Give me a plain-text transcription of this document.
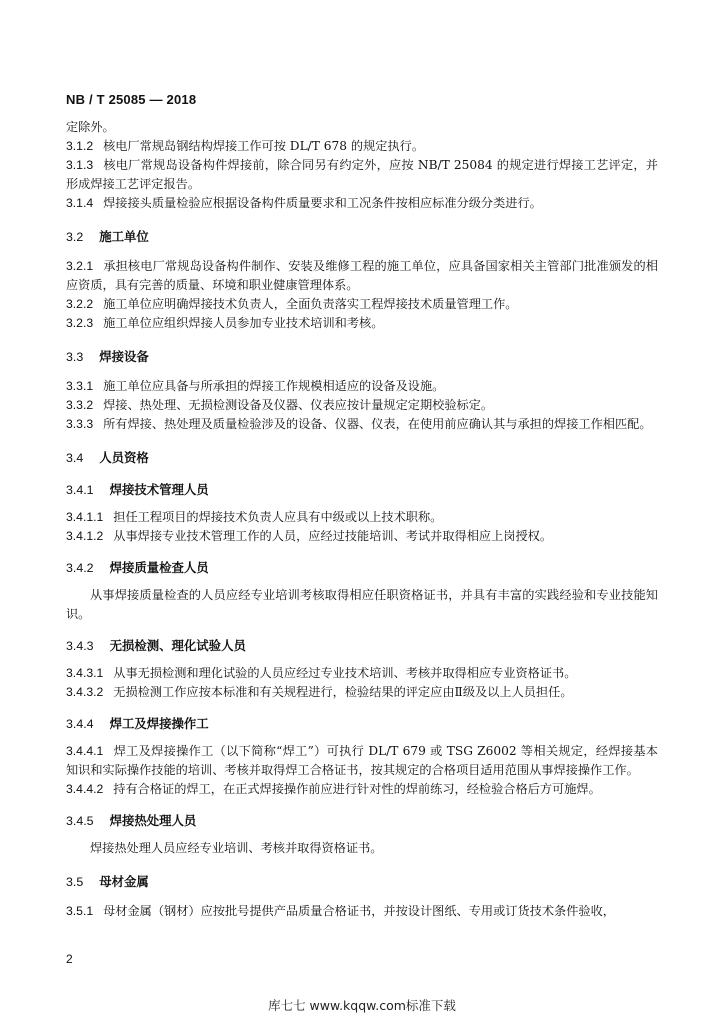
NB / T 25085 — 2018
定除外。
3.1.2 核电厂常规岛钢结构焊接工作可按 DL/T 678 的规定执行。
3.1.3 核电厂常规岛设备构件焊接前，除合同另有约定外，应按 NB/T 25084 的规定进行焊接工艺评定，并形成焊接工艺评定报告。
3.1.4 焊接接头质量检验应根据设备构件质量要求和工况条件按相应标准分级分类进行。
3.2 施工单位
3.2.1 承担核电厂常规岛设备构件制作、安装及维修工程的施工单位，应具备国家相关主管部门批准颁发的相应资质，具有完善的质量、环境和职业健康管理体系。
3.2.2 施工单位应明确焊接技术负责人，全面负责落实工程焊接技术质量管理工作。
3.2.3 施工单位应组织焊接人员参加专业技术培训和考核。
3.3 焊接设备
3.3.1 施工单位应具备与所承担的焊接工作规模相适应的设备及设施。
3.3.2 焊接、热处理、无损检测设备及仪器、仪表应按计量规定定期校验标定。
3.3.3 所有焊接、热处理及质量检验涉及的设备、仪器、仪表，在使用前应确认其与承担的焊接工作相匹配。
3.4 人员资格
3.4.1 焊接技术管理人员
3.4.1.1 担任工程项目的焊接技术负责人应具有中级或以上技术职称。
3.4.1.2 从事焊接专业技术管理工作的人员，应经过技能培训、考试并取得相应上岗授权。
3.4.2 焊接质量检查人员
从事焊接质量检查的人员应经专业培训考核取得相应任职资格证书，并具有丰富的实践经验和专业技能知识。
3.4.3 无损检测、理化试验人员
3.4.3.1 从事无损检测和理化试验的人员应经过专业技术培训、考核并取得相应专业资格证书。
3.4.3.2 无损检测工作应按本标准和有关规程进行，检验结果的评定应由Ⅱ级及以上人员担任。
3.4.4 焊工及焊接操作工
3.4.4.1 焊工及焊接操作工（以下简称“焊工”）可执行 DL/T 679 或 TSG Z6002 等相关规定，经焊接基本知识和实际操作技能的培训、考核并取得焊工合格证书，按其规定的合格项目适用范围从事焊接操作工作。
3.4.4.2 持有合格证的焊工，在正式焊接操作前应进行针对性的焊前练习，经检验合格后方可施焊。
3.4.5 焊接热处理人员
焊接热处理人员应经专业培训、考核并取得资格证书。
3.5 母材金属
3.5.1 母材金属（钢材）应按批号提供产品质量合格证书，并按设计图纸、专用或订货技术条件验收，
2
库七七 www.kqqw.com标准下载
